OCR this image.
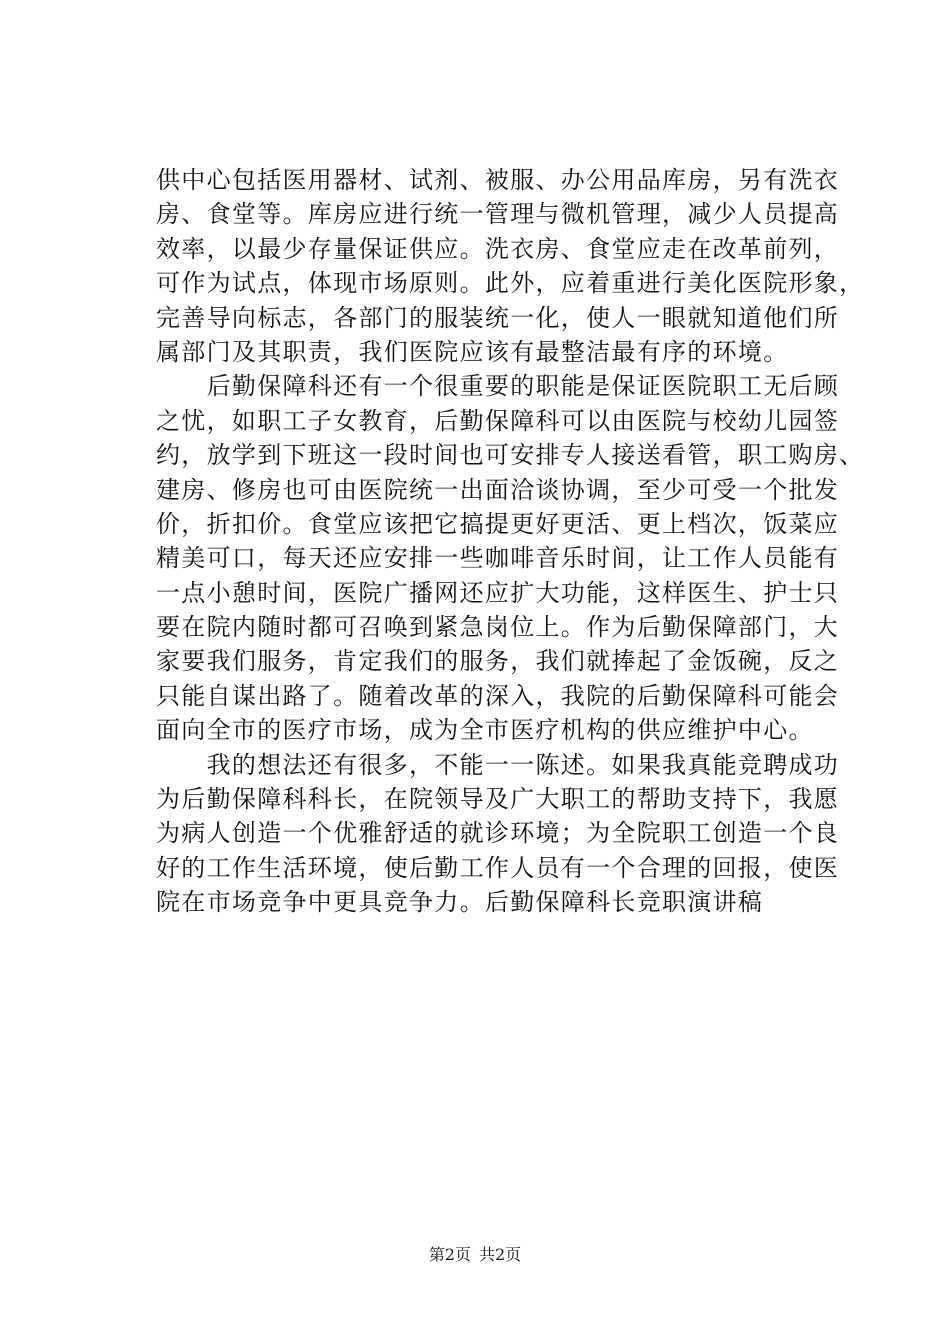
供中心包括医用器材、试剂、被服、办公用品库房，另有洗衣
房、食堂等。库房应进行统一管理与微机管理，减少人员提高
效率，以最少存量保证供应。洗衣房、食堂应走在改革前列，
可作为试点，体现市场原则。此外，应着重进行美化医院形象，
完善导向标志，各部门的服装统一化，使人一眼就知道他们所
属部门及其职责，我们医院应该有最整洁最有序的环境。

　　后勤保障科还有一个很重要的职能是保证医院职工无后顾
之忧，如职工子女教育，后勤保障科可以由医院与校幼儿园签
约，放学到下班这一段时间也可安排专人接送看管，职工购房、
建房、修房也可由医院统一出面洽谈协调，至少可受一个批发
价，折扣价。食堂应该把它搞提更好更活、更上档次，饭菜应
精美可口，每天还应安排一些咖啡音乐时间，让工作人员能有
一点小憩时间，医院广播网还应扩大功能，这样医生、护士只
要在院内随时都可召唤到紧急岗位上。作为后勤保障部门，大
家要我们服务，肯定我们的服务，我们就捧起了金饭碗，反之
只能自谋出路了。随着改革的深入，我院的后勤保障科可能会
面向全市的医疗市场，成为全市医疗机构的供应维护中心。

　　我的想法还有很多，不能一一陈述。如果我真能竞聘成功
为后勤保障科科长，在院领导及广大职工的帮助支持下，我愿
为病人创造一个优雅舒适的就诊环境；为全院职工创造一个良
好的工作生活环境，使后勤工作人员有一个合理的回报，使医
院在市场竞争中更具竞争力。后勤保障科长竞职演讲稿

第2页 共2页
